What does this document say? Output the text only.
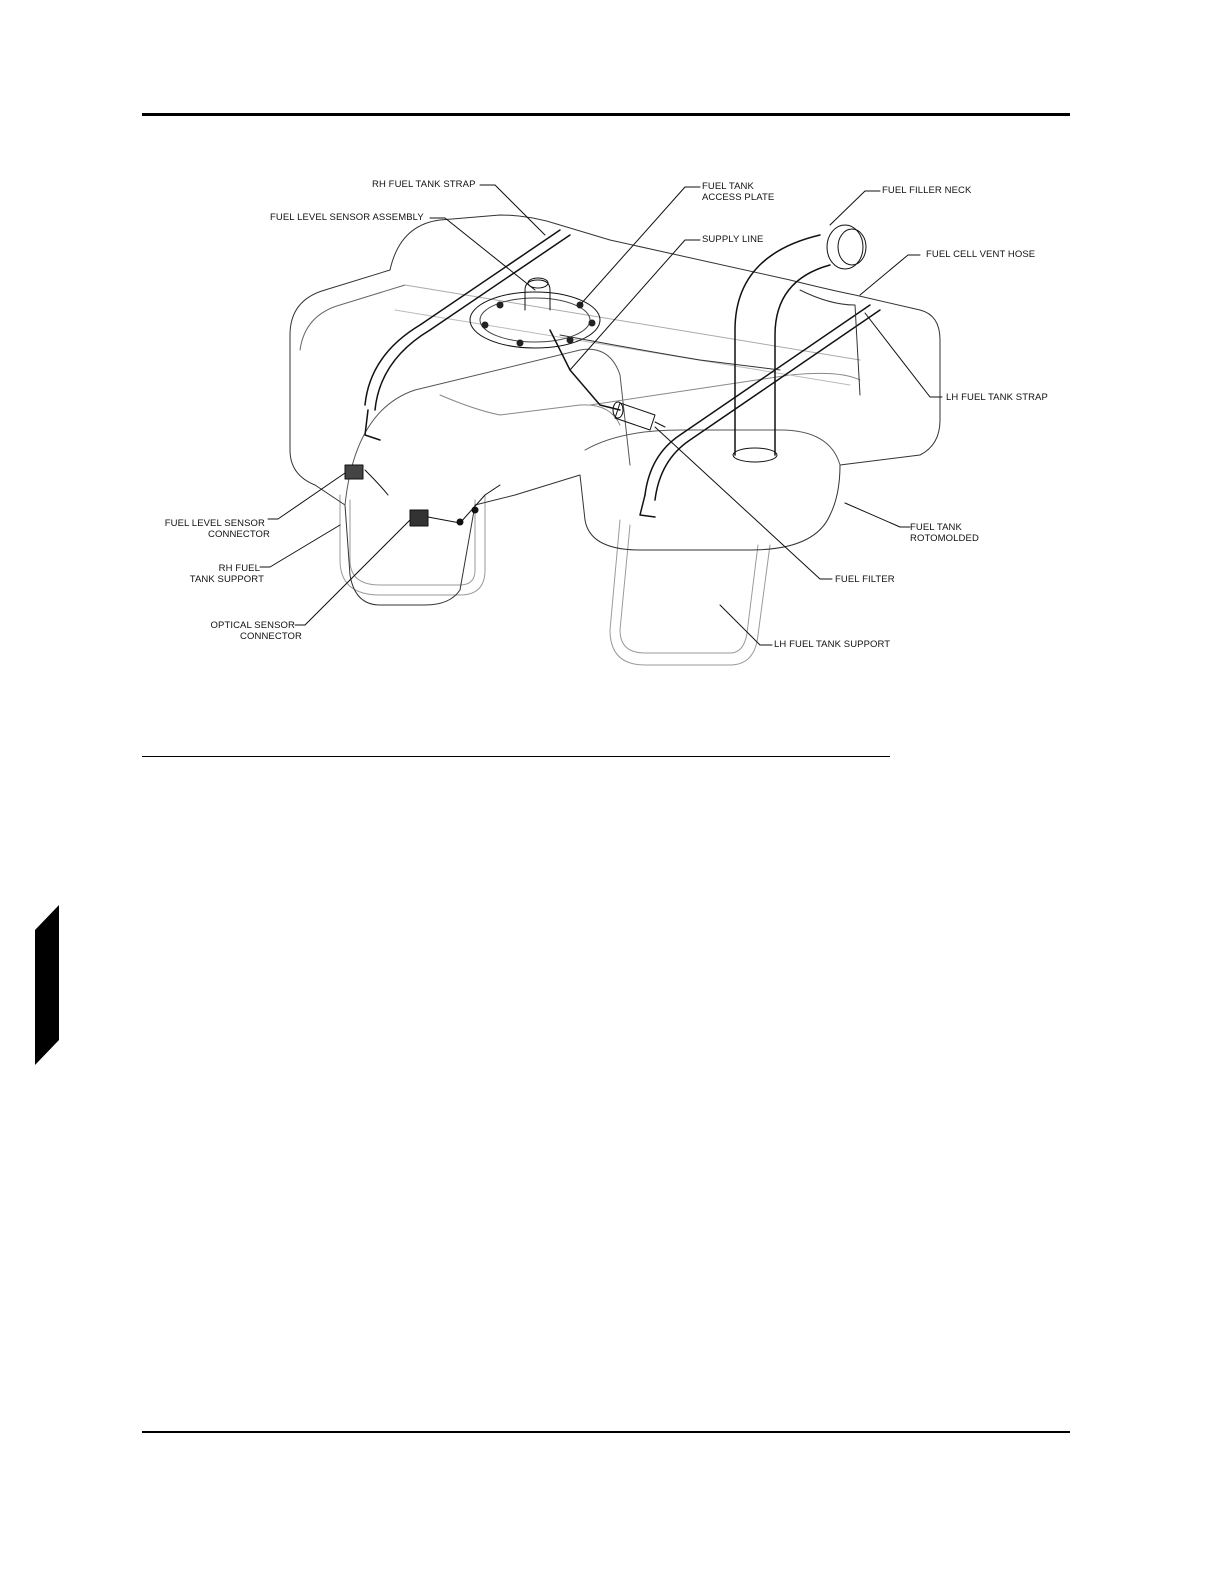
RH FUEL TANK STRAP
FUEL LEVEL SENSOR ASSEMBLY
FUEL TANK
ACCESS PLATE
SUPPLY LINE
FUEL FILLER NECK
FUEL CELL VENT HOSE
LH FUEL TANK STRAP
FUEL LEVEL SENSOR
CONNECTOR
RH FUEL
TANK SUPPORT
OPTICAL SENSOR
CONNECTOR
FUEL TANK
ROTOMOLDED
FUEL FILTER
LH FUEL TANK SUPPORT
